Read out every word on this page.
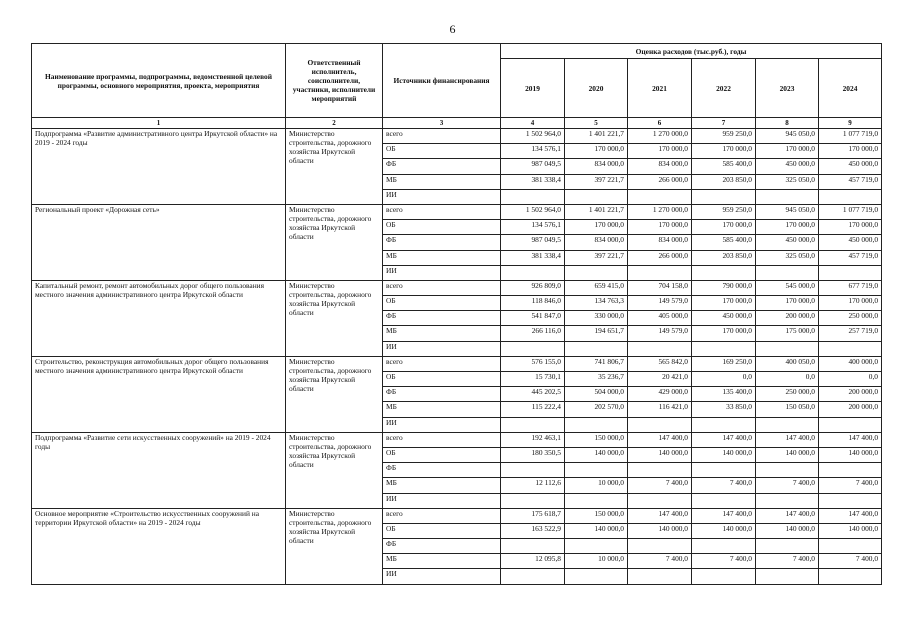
6
Наименование программы, подпрограммы, ведомственной целевой программы, основного мероприятия, проекта, мероприятия	Ответственный исполнитель, соисполнители, участники, исполнители мероприятий	Источники финансирования	Оценка расходов (тыс.руб.), годы					
			2019	2020	2021	2022	2023	2024
1	2	3	4	5	6	7	8	9
Подпрограмма «Развитие административного центра Иркутской области» на 2019 - 2024 годы	Министерство строительства, дорожного хозяйства Иркутской области	всего	1 502 964,0	1 401 221,7	1 270 000,0	959 250,0	945 050,0	1 077 719,0
		ОБ	134 576,1	170 000,0	170 000,0	170 000,0	170 000,0	170 000,0
		ФБ	987 049,5	834 000,0	834 000,0	585 400,0	450 000,0	450 000,0
		МБ	381 338,4	397 221,7	266 000,0	203 850,0	325 050,0	457 719,0
		ИИ						
Региональный проект «Дорожная сеть»	Министерство строительства, дорожного хозяйства Иркутской области	всего	1 502 964,0	1 401 221,7	1 270 000,0	959 250,0	945 050,0	1 077 719,0
		ОБ	134 576,1	170 000,0	170 000,0	170 000,0	170 000,0	170 000,0
		ФБ	987 049,5	834 000,0	834 000,0	585 400,0	450 000,0	450 000,0
		МБ	381 338,4	397 221,7	266 000,0	203 850,0	325 050,0	457 719,0
		ИИ						
Капитальный ремонт, ремонт автомобильных дорог общего пользования местного значения административного центра Иркутской области	Министерство строительства, дорожного хозяйства Иркутской области	всего	926 809,0	659 415,0	704 158,0	790 000,0	545 000,0	677 719,0
		ОБ	118 846,0	134 763,3	149 579,0	170 000,0	170 000,0	170 000,0
		ФБ	541 847,0	330 000,0	405 000,0	450 000,0	200 000,0	250 000,0
		МБ	266 116,0	194 651,7	149 579,0	170 000,0	175 000,0	257 719,0
		ИИ						
Строительство, реконструкция автомобильных дорог общего пользования местного значения административного центра Иркутской области	Министерство строительства, дорожного хозяйства Иркутской области	всего	576 155,0	741 806,7	565 842,0	169 250,0	400 050,0	400 000,0
		ОБ	15 730,1	35 236,7	20 421,0	0,0	0,0	0,0
		ФБ	445 202,5	504 000,0	429 000,0	135 400,0	250 000,0	200 000,0
		МБ	115 222,4	202 570,0	116 421,0	33 850,0	150 050,0	200 000,0
		ИИ						
Подпрограмма «Развитие сети искусственных сооружений» на 2019 - 2024 годы	Министерство строительства, дорожного хозяйства Иркутской области	всего	192 463,1	150 000,0	147 400,0	147 400,0	147 400,0	147 400,0
		ОБ	180 350,5	140 000,0	140 000,0	140 000,0	140 000,0	140 000,0
		ФБ						
		МБ	12 112,6	10 000,0	7 400,0	7 400,0	7 400,0	7 400,0
		ИИ						
Основное мероприятие «Строительство искусственных сооружений на территории Иркутской области» на 2019 - 2024 годы	Министерство строительства, дорожного хозяйства Иркутской области	всего	175 618,7	150 000,0	147 400,0	147 400,0	147 400,0	147 400,0
		ОБ	163 522,9	140 000,0	140 000,0	140 000,0	140 000,0	140 000,0
		ФБ						
		МБ	12 095,8	10 000,0	7 400,0	7 400,0	7 400,0	7 400,0
		ИИ						
